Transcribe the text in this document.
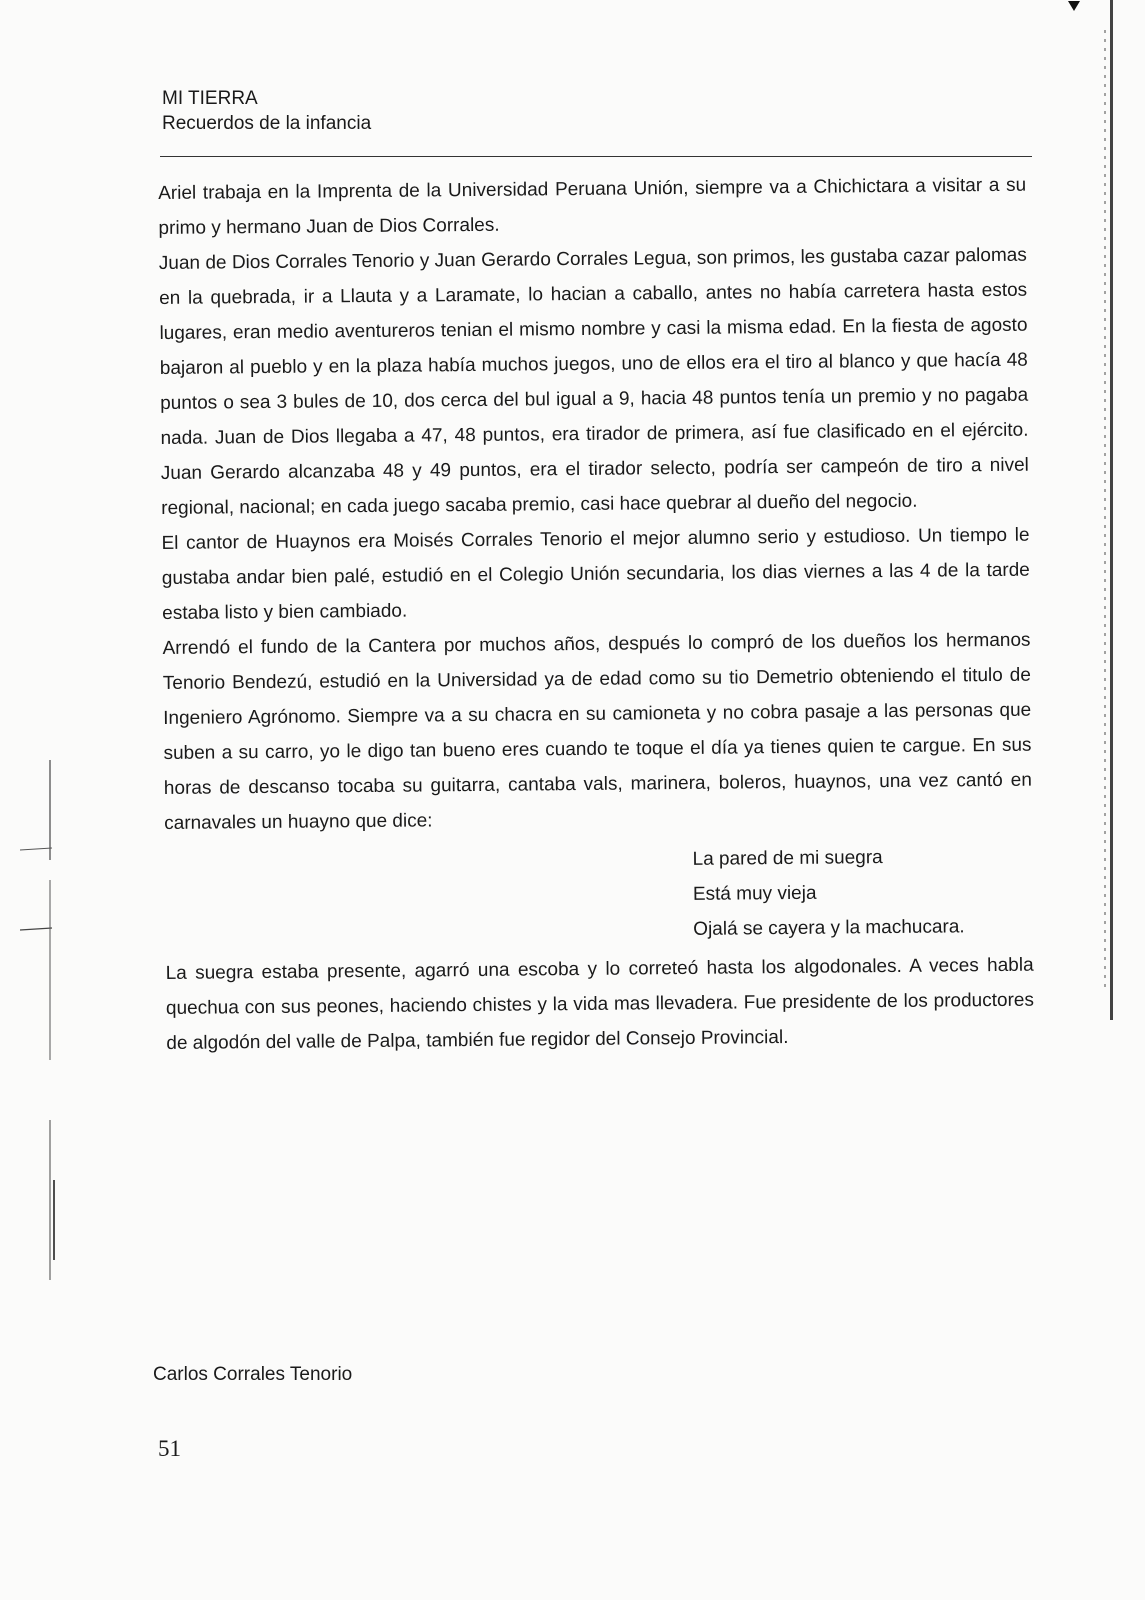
MI TIERRA
Recuerdos de la infancia

Ariel trabaja en la Imprenta de la Universidad Peruana Unión, siempre va a Chichictara a visitar a su primo y hermano Juan de Dios Corrales.

Juan de Dios Corrales Tenorio y Juan Gerardo Corrales Legua, son primos, les gustaba cazar palomas en la quebrada, ir a Llauta y a Laramate, lo hacian a caballo, antes no había carretera hasta estos lugares, eran medio aventureros tenian el mismo nombre y casi la misma edad. En la fiesta de agosto bajaron al pueblo y en la plaza había muchos juegos, uno de ellos era el tiro al blanco y que hacía 48 puntos o sea 3 bules de 10, dos cerca del bul igual a 9, hacia 48 puntos tenía un premio y no pagaba nada. Juan de Dios llegaba a 47, 48 puntos, era tirador de primera, así fue clasificado en el ejército. Juan Gerardo alcanzaba 48 y 49 puntos, era el tirador selecto, podría ser campeón de tiro a nivel regional, nacional; en cada juego sacaba premio, casi hace quebrar al dueño del negocio.

El cantor de Huaynos era Moisés Corrales Tenorio el mejor alumno serio y estudioso. Un tiempo le gustaba andar bien palé, estudió en el Colegio Unión secundaria, los dias viernes a las 4 de la tarde estaba listo y bien cambiado.

Arrendó el fundo de la Cantera por muchos años, después lo compró de los dueños los hermanos Tenorio Bendezú, estudió en la Universidad ya de edad como su tio Demetrio obteniendo el titulo de Ingeniero Agrónomo. Siempre va a su chacra en su camioneta y no cobra pasaje a las personas que suben a su carro, yo le digo tan bueno eres cuando te toque el día ya tienes quien te cargue. En sus horas de descanso tocaba su guitarra, cantaba vals, marinera, boleros, huaynos, una vez cantó en carnavales un huayno que dice:

La pared de mi suegra
Está muy vieja
Ojalá se cayera y la machucara.

La suegra estaba presente, agarró una escoba y lo correteó hasta los algodonales. A veces habla quechua con sus peones, haciendo chistes y la vida mas llevadera. Fue presidente de los productores de algodón del valle de Palpa, también fue regidor del Consejo Provincial.

Carlos Corrales Tenorio
51
